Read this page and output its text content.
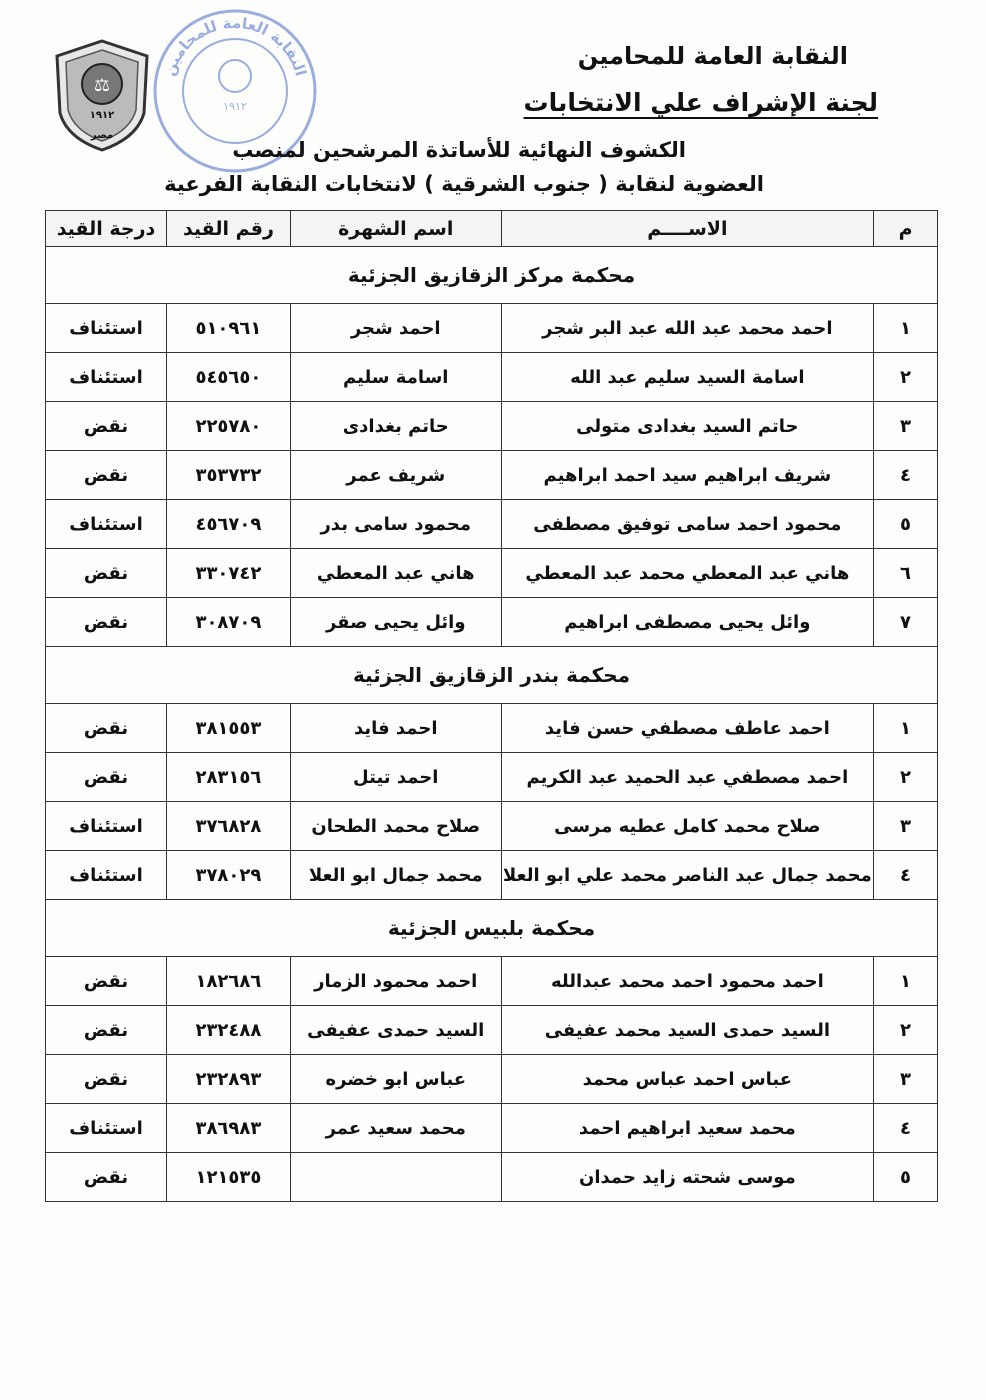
⚖
١٩١٢
مصر
النقابة العامة للمحامين
١٩١٢
النقابة العامة للمحامين
لجنة الإشراف علي الانتخابات
الكشوف النهائية للأساتذة المرشحين لمنصب
العضوية لنقابة ( جنوب الشرقية ) لانتخابات النقابة الفرعية
م	الاســــم	اسم الشهرة	رقم القيد	درجة القيد
محكمة مركز الزقازيق الجزئية				
١	احمد محمد عبد الله عبد البر شجر	احمد شجر	٥١٠٩٦١	استئناف
٢	اسامة السيد سليم عبد الله	اسامة سليم	٥٤٥٦٥٠	استئناف
٣	حاتم السيد بغدادى متولى	حاتم بغدادى	٢٢٥٧٨٠	نقض
٤	شريف ابراهيم سيد احمد ابراهيم	شريف عمر	٣٥٣٧٣٢	نقض
٥	محمود احمد سامى توفيق مصطفى	محمود سامى بدر	٤٥٦٧٠٩	استئناف
٦	هاني عبد المعطي محمد عبد المعطي	هاني عبد المعطي	٣٣٠٧٤٢	نقض
٧	وائل يحيى مصطفى ابراهيم	وائل يحيى صقر	٣٠٨٧٠٩	نقض
محكمة بندر الزقازيق الجزئية				
١	احمد عاطف مصطفي حسن فايد	احمد فايد	٣٨١٥٥٣	نقض
٢	احمد مصطفي عبد الحميد عبد الكريم	احمد تيتل	٢٨٣١٥٦	نقض
٣	صلاح محمد كامل عطيه مرسى	صلاح محمد الطحان	٣٧٦٨٢٨	استئناف
٤	محمد جمال عبد الناصر محمد علي ابو العلا	محمد جمال ابو العلا	٣٧٨٠٢٩	استئناف
محكمة بلبيس الجزئية				
١	احمد محمود احمد محمد عبدالله	احمد محمود الزمار	١٨٢٦٨٦	نقض
٢	السيد حمدى السيد محمد عفيفى	السيد حمدى عفيفى	٢٣٢٤٨٨	نقض
٣	عباس احمد عباس محمد	عباس ابو خضره	٢٣٢٨٩٣	نقض
٤	محمد سعيد ابراهيم احمد	محمد سعيد عمر	٣٨٦٩٨٣	استئناف
٥	موسى شحته زايد حمدان		١٢١٥٣٥	نقض
